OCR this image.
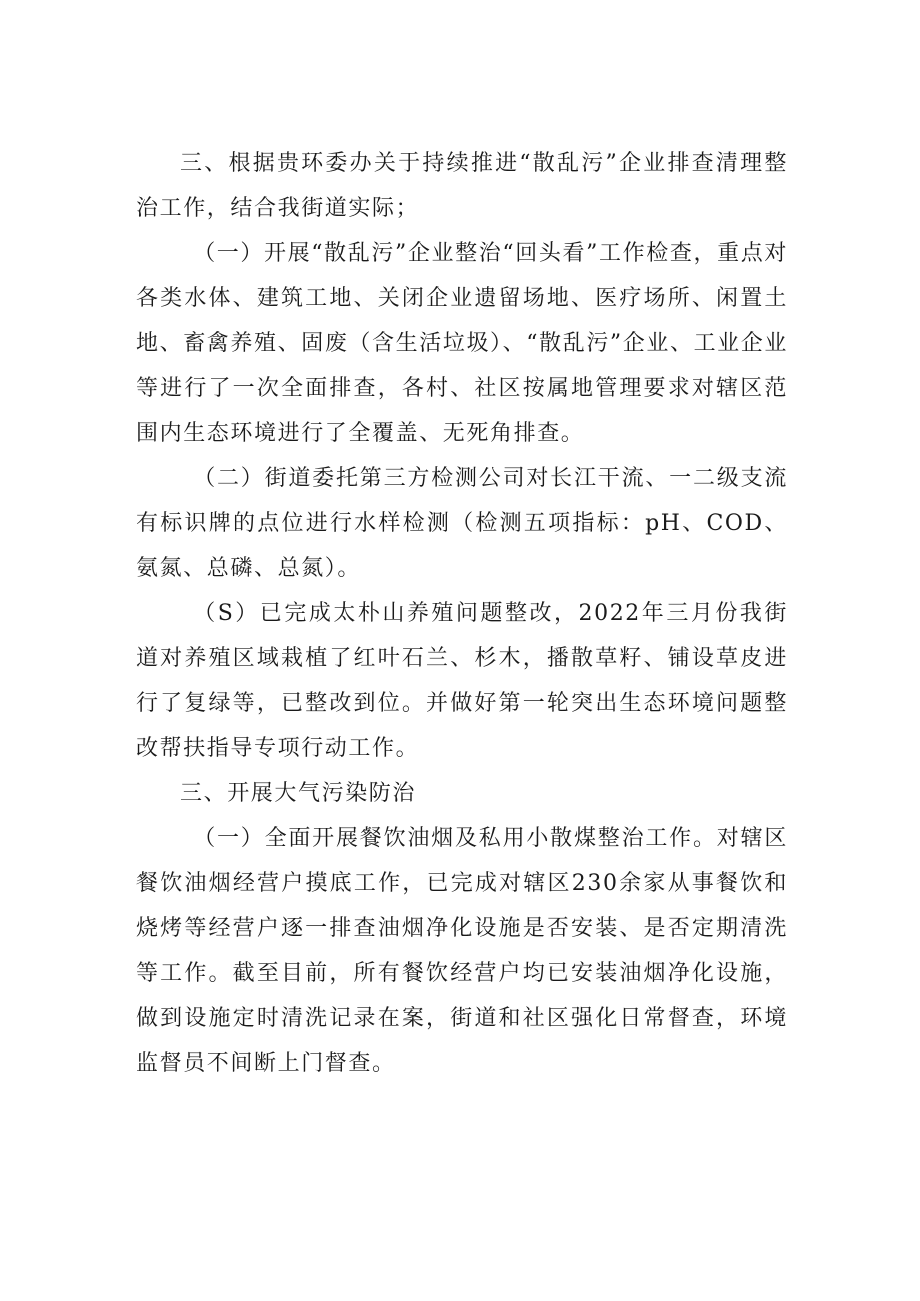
三、根据贵环委办关于持续推进“散乱污”企业排查清理整治工作，结合我街道实际；

（一）开展“散乱污”企业整治“回头看”工作检查，重点对各类水体、建筑工地、关闭企业遗留场地、医疗场所、闲置土地、畜禽养殖、固废（含生活垃圾）、“散乱污”企业、工业企业等进行了一次全面排查，各村、社区按属地管理要求对辖区范围内生态环境进行了全覆盖、无死角排查。

（二）街道委托第三方检测公司对长江干流、一二级支流有标识牌的点位进行水样检测（检测五项指标：pH、COD、氨氮、总磷、总氮）。

（S）已完成太朴山养殖问题整改，2022年三月份我街道对养殖区域栽植了红叶石兰、杉木，播散草籽、铺设草皮进行了复绿等，已整改到位。并做好第一轮突出生态环境问题整改帮扶指导专项行动工作。

三、开展大气污染防治

（一）全面开展餐饮油烟及私用小散煤整治工作。对辖区餐饮油烟经营户摸底工作，已完成对辖区230余家从事餐饮和烧烤等经营户逐一排查油烟净化设施是否安装、是否定期清洗等工作。截至目前，所有餐饮经营户均已安装油烟净化设施，做到设施定时清洗记录在案，街道和社区强化日常督查，环境监督员不间断上门督查。
